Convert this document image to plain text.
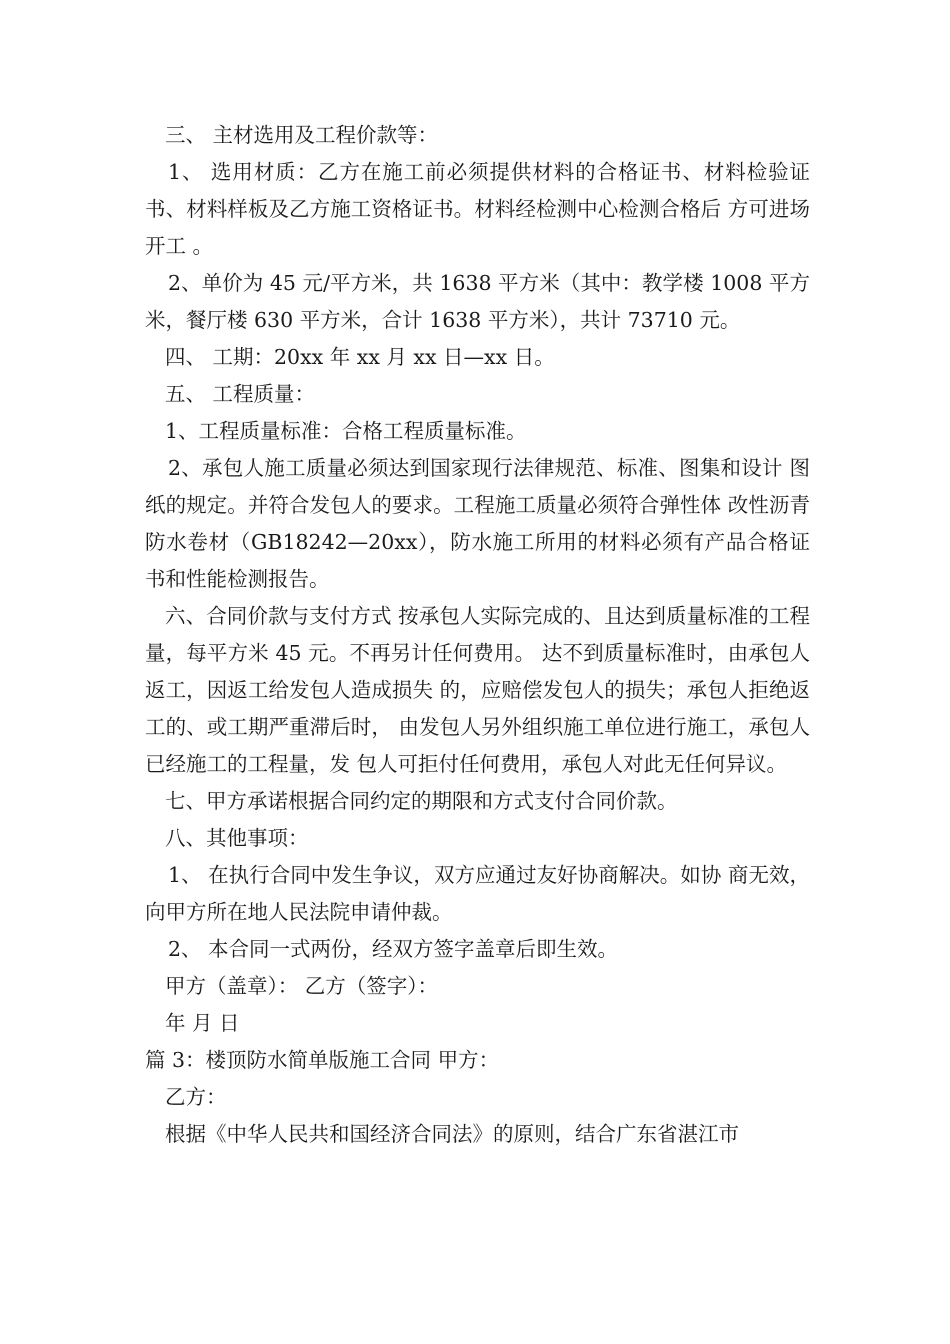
三、 主材选用及工程价款等：

1、 选用材质：乙方在施工前必须提供材料的合格证书、材料检验证书、材料样板及乙方施工资格证书。材料经检测中心检测合格后 方可进场开工 。

2、单价为 45 元/平方米，共 1638 平方米（其中：教学楼 1008 平方米，餐厅楼 630 平方米，合计 1638 平方米），共计 73710 元。

四、 工期：20xx 年 xx 月 xx 日—xx 日。

五、 工程质量：

1、工程质量标准：合格工程质量标准。

2、承包人施工质量必须达到国家现行法律规范、标准、图集和设计 图纸的规定。并符合发包人的要求。工程施工质量必须符合弹性体 改性沥青防水卷材（GB18242—20xx），防水施工所用的材料必须有产品合格证书和性能检测报告。

六、合同价款与支付方式 按承包人实际完成的、且达到质量标准的工程量，每平方米 45 元。不再另计任何费用。 达不到质量标准时，由承包人返工，因返工给发包人造成损失 的，应赔偿发包人的损失；承包人拒绝返工的、或工期严重滞后时， 由发包人另外组织施工单位进行施工，承包人已经施工的工程量，发 包人可拒付任何费用，承包人对此无任何异议。

七、甲方承诺根据合同约定的期限和方式支付合同价款。

八、其他事项：

1、 在执行合同中发生争议，双方应通过友好协商解决。如协 商无效，向甲方所在地人民法院申请仲裁。

2、 本合同一式两份，经双方签字盖章后即生效。

甲方（盖章）： 乙方（签字）：

年 月 日

篇 3：楼顶防水简单版施工合同 甲方：

乙方：

根据《中华人民共和国经济合同法》的原则，结合广东省湛江市
